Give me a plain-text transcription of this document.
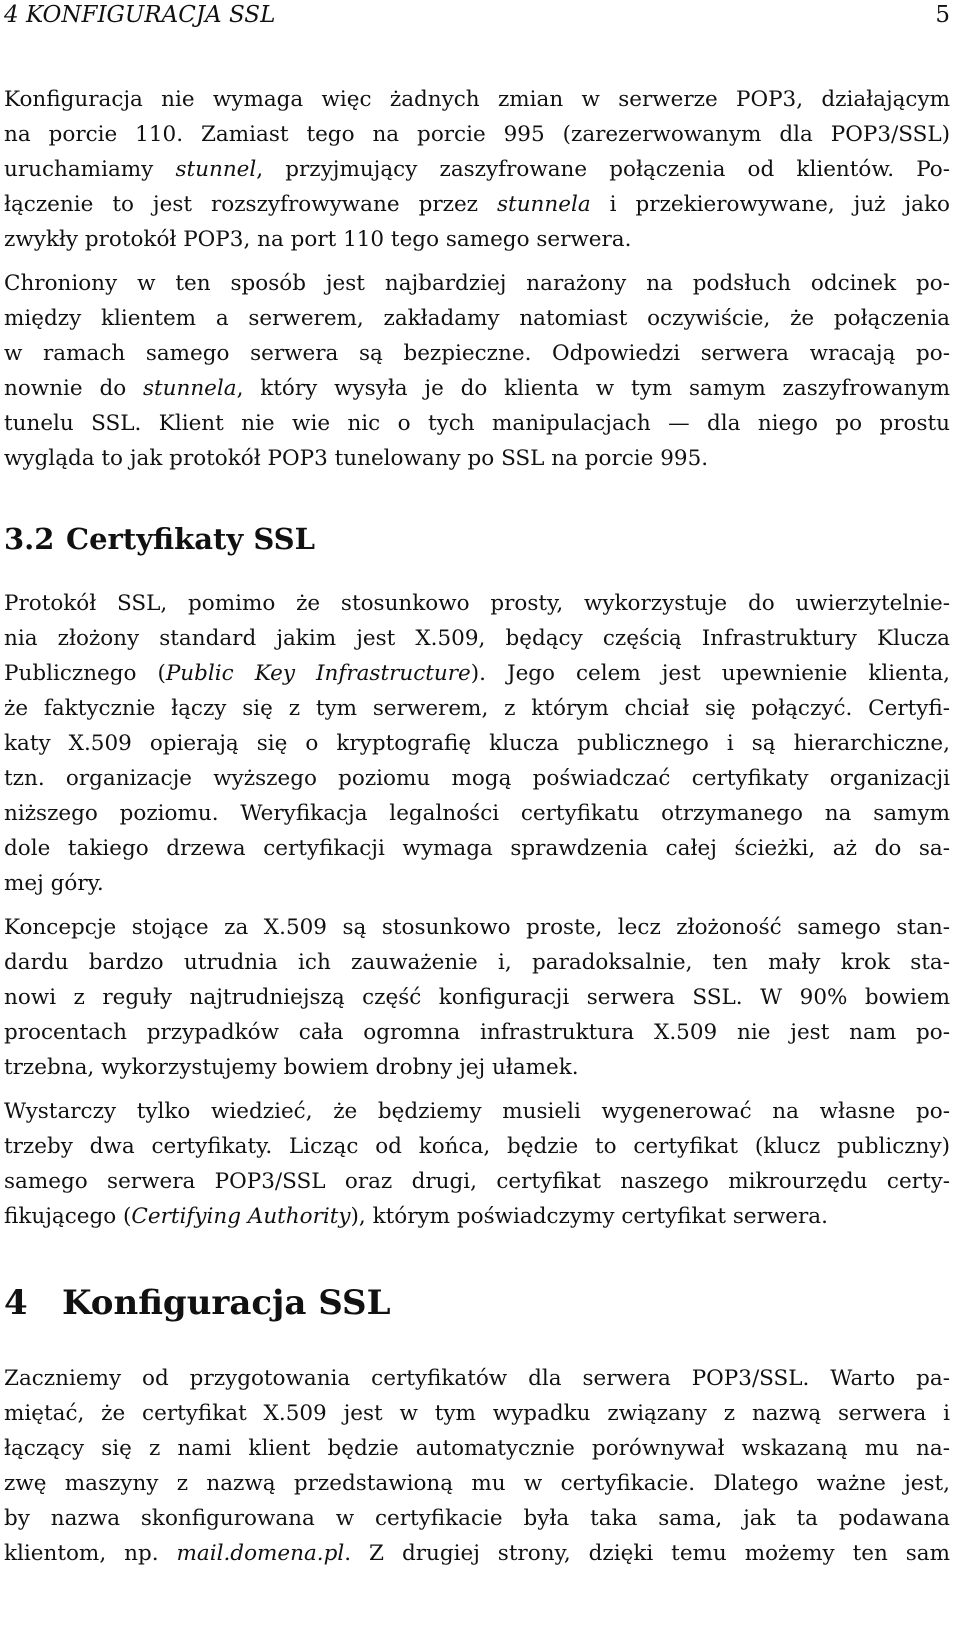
4 KONFIGURACJA SSL	5
Konfiguracja nie wymaga więc żadnych zmian w serwerze POP3, działającym
na porcie 110. Zamiast tego na porcie 995 (zarezerwowanym dla POP3/SSL)
uruchamiamy stunnel, przyjmujący zaszyfrowane połączenia od klientów. Po-
łączenie to jest rozszyfrowywane przez stunnela i przekierowywane, już jako
zwykły protokół POP3, na port 110 tego samego serwera.
Chroniony w ten sposób jest najbardziej narażony na podsłuch odcinek po-
między klientem a serwerem, zakładamy natomiast oczywiście, że połączenia
w ramach samego serwera są bezpieczne. Odpowiedzi serwera wracają po-
nownie do stunnela, który wysyła je do klienta w tym samym zaszyfrowanym
tunelu SSL. Klient nie wie nic o tych manipulacjach — dla niego po prostu
wygląda to jak protokół POP3 tunelowany po SSL na porcie 995.
3.2 Certyfikaty SSL
Protokół SSL, pomimo że stosunkowo prosty, wykorzystuje do uwierzytelnie-
nia złożony standard jakim jest X.509, będący częścią Infrastruktury Klucza
Publicznego (Public Key Infrastructure). Jego celem jest upewnienie klienta,
że faktycznie łączy się z tym serwerem, z którym chciał się połączyć. Certyfi-
katy X.509 opierają się o kryptografię klucza publicznego i są hierarchiczne,
tzn. organizacje wyższego poziomu mogą poświadczać certyfikaty organizacji
niższego poziomu. Weryfikacja legalności certyfikatu otrzymanego na samym
dole takiego drzewa certyfikacji wymaga sprawdzenia całej ścieżki, aż do sa-
mej góry.
Koncepcje stojące za X.509 są stosunkowo proste, lecz złożoność samego stan-
dardu bardzo utrudnia ich zauważenie i, paradoksalnie, ten mały krok sta-
nowi z reguły najtrudniejszą część konfiguracji serwera SSL. W 90% bowiem
procentach przypadków cała ogromna infrastruktura X.509 nie jest nam po-
trzebna, wykorzystujemy bowiem drobny jej ułamek.
Wystarczy tylko wiedzieć, że będziemy musieli wygenerować na własne po-
trzeby dwa certyfikaty. Licząc od końca, będzie to certyfikat (klucz publiczny)
samego serwera POP3/SSL oraz drugi, certyfikat naszego mikrourzędu certy-
fikującego (Certifying Authority), którym poświadczymy certyfikat serwera.
4 Konfiguracja SSL
Zaczniemy od przygotowania certyfikatów dla serwera POP3/SSL. Warto pa-
miętać, że certyfikat X.509 jest w tym wypadku związany z nazwą serwera i
łączący się z nami klient będzie automatycznie porównywał wskazaną mu na-
zwę maszyny z nazwą przedstawioną mu w certyfikacie. Dlatego ważne jest,
by nazwa skonfigurowana w certyfikacie była taka sama, jak ta podawana
klientom, np. mail.domena.pl. Z drugiej strony, dzięki temu możemy ten sam
